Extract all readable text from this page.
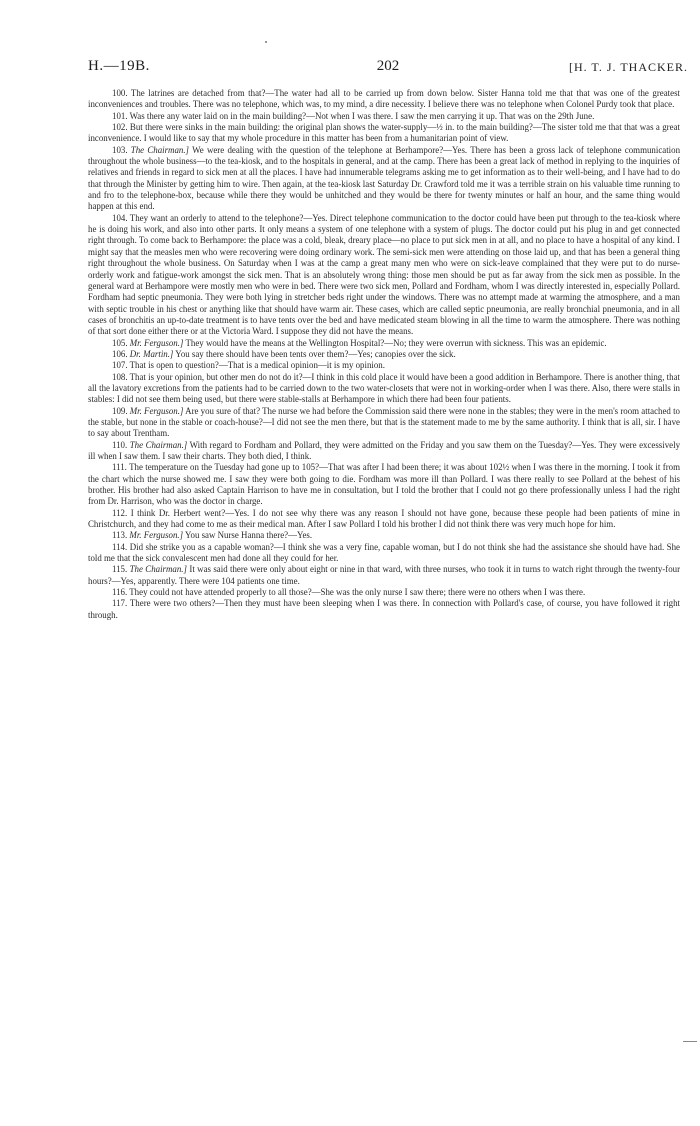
H.—19B.	202	[H. T. J. THACKER.

100. The latrines are detached from that?—The water had all to be carried up from down below. Sister Hanna told me that that was one of the greatest inconveniences and troubles. There was no telephone, which was, to my mind, a dire necessity. I believe there was no telephone when Colonel Purdy took that place.

101. Was there any water laid on in the main building?—Not when I was there. I saw the men carrying it up. That was on the 29th June.

102. But there were sinks in the main building: the original plan shows the water-supply—½ in. to the main building?—The sister told me that that was a great inconvenience. I would like to say that my whole procedure in this matter has been from a humanitarian point of view.

103. The Chairman.] We were dealing with the question of the telephone at Berhampore?—Yes. There has been a gross lack of telephone communication throughout the whole business—to the tea-kiosk, and to the hospitals in general, and at the camp. There has been a great lack of method in replying to the inquiries of relatives and friends in regard to sick men at all the places. I have had innumerable telegrams asking me to get information as to their well-being, and I have had to do that through the Minister by getting him to wire. Then again, at the tea-kiosk last Saturday Dr. Crawford told me it was a terrible strain on his valuable time running to and fro to the telephone-box, because while there they would be unhitched and they would be there for twenty minutes or half an hour, and the same thing would happen at this end.

104. They want an orderly to attend to the telephone?—Yes. Direct telephone communication to the doctor could have been put through to the tea-kiosk where he is doing his work, and also into other parts. It only means a system of one telephone with a system of plugs. The doctor could put his plug in and get connected right through. To come back to Berhampore: the place was a cold, bleak, dreary place—no place to put sick men in at all, and no place to have a hospital of any kind. I might say that the measles men who were recovering were doing ordinary work. The semi-sick men were attending on those laid up, and that has been a general thing right throughout the whole business. On Saturday when I was at the camp a great many men who were on sick-leave complained that they were put to do nurse-orderly work and fatigue-work amongst the sick men. That is an absolutely wrong thing: those men should be put as far away from the sick men as possible. In the general ward at Berhampore were mostly men who were in bed. There were two sick men, Pollard and Fordham, whom I was directly interested in, especially Pollard. Fordham had septic pneumonia. They were both lying in stretcher beds right under the windows. There was no attempt made at warming the atmosphere, and a man with septic trouble in his chest or anything like that should have warm air. These cases, which are called septic pneumonia, are really bronchial pneumonia, and in all cases of bronchitis an up-to-date treatment is to have tents over the bed and have medicated steam blowing in all the time to warm the atmosphere. There was nothing of that sort done either there or at the Victoria Ward. I suppose they did not have the means.

105. Mr. Ferguson.] They would have the means at the Wellington Hospital?—No; they were overrun with sickness. This was an epidemic.

106. Dr. Martin.] You say there should have been tents over them?—Yes; canopies over the sick.

107. That is open to question?—That is a medical opinion—it is my opinion.

108. That is your opinion, but other men do not do it?—I think in this cold place it would have been a good addition in Berhampore. There is another thing, that all the lavatory excretions from the patients had to be carried down to the two water-closets that were not in working-order when I was there. Also, there were stalls in stables: I did not see them being used, but there were stable-stalls at Berhampore in which there had been four patients.

109. Mr. Ferguson.] Are you sure of that? The nurse we had before the Commission said there were none in the stables; they were in the men's room attached to the stable, but none in the stable or coach-house?—I did not see the men there, but that is the statement made to me by the same authority. I think that is all, sir. I have to say about Trentham.

110. The Chairman.] With regard to Fordham and Pollard, they were admitted on the Friday and you saw them on the Tuesday?—Yes. They were excessively ill when I saw them. I saw their charts. They both died, I think.

111. The temperature on the Tuesday had gone up to 105?—That was after I had been there; it was about 102½ when I was there in the morning. I took it from the chart which the nurse showed me. I saw they were both going to die. Fordham was more ill than Pollard. I was there really to see Pollard at the behest of his brother. His brother had also asked Captain Harrison to have me in consultation, but I told the brother that I could not go there professionally unless I had the right from Dr. Harrison, who was the doctor in charge.

112. I think Dr. Herbert went?—Yes. I do not see why there was any reason I should not have gone, because these people had been patients of mine in Christchurch, and they had come to me as their medical man. After I saw Pollard I told his brother I did not think there was very much hope for him.

113. Mr. Ferguson.] You saw Nurse Hanna there?—Yes.

114. Did she strike you as a capable woman?—I think she was a very fine, capable woman, but I do not think she had the assistance she should have had. She told me that the sick convalescent men had done all they could for her.

115. The Chairman.] It was said there were only about eight or nine in that ward, with three nurses, who took it in turns to watch right through the twenty-four hours?—Yes, apparently. There were 104 patients one time.

116. They could not have attended properly to all those?—She was the only nurse I saw there; there were no others when I was there.

117. There were two others?—Then they must have been sleeping when I was there. In connection with Pollard's case, of course, you have followed it right through.
